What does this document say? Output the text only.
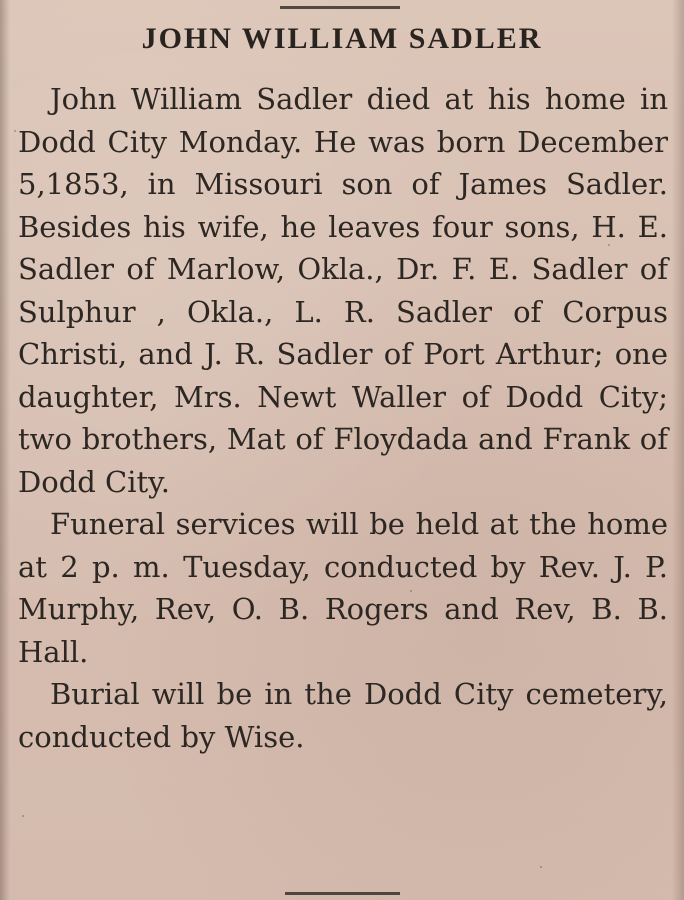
JOHN WILLIAM SADLER

John William Sadler died at his home in Dodd City Monday. He was born December 5,1853, in Missouri son of James Sadler. Besides his wife, he leaves four sons, H. E. Sadler of Marlow, Okla., Dr. F. E. Sadler of Sulphur , Okla., L. R. Sadler of Corpus Christi, and J. R. Sadler of Port Arthur; one daughter, Mrs. Newt Waller of Dodd City; two brothers, Mat of Floydada and Frank of Dodd City.

Funeral services will be held at the home at 2 p. m. Tuesday, conducted by Rev. J. P. Murphy, Rev, O. B. Rogers and Rev, B. B. Hall.

Burial will be in the Dodd City cemetery, conducted by Wise.
